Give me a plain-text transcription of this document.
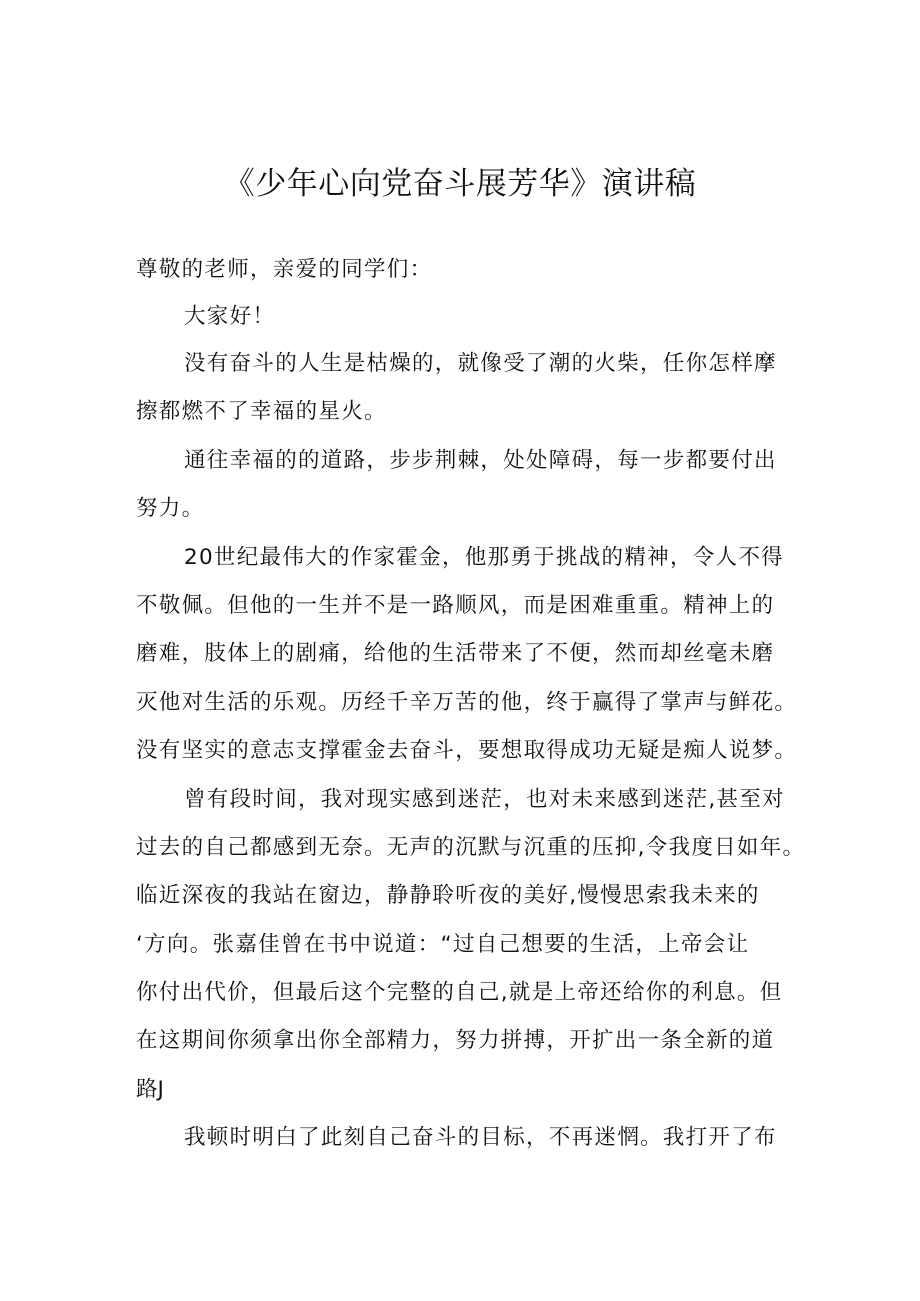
《少年心向党奋斗展芳华》演讲稿
尊敬的老师，亲爱的同学们：
大家好！
没有奋斗的人生是枯燥的，就像受了潮的火柴，任你怎样摩
擦都燃不了幸福的星火。
通往幸福的的道路，步步荆棘，处处障碍，每一步都要付出
努力。
20世纪最伟大的作家霍金，他那勇于挑战的精神，令人不得
不敬佩。但他的一生并不是一路顺风，而是困难重重。精神上的
磨难，肢体上的剧痛，给他的生活带来了不便，然而却丝毫未磨
灭他对生活的乐观。历经千辛万苦的他，终于赢得了掌声与鲜花。
没有坚实的意志支撑霍金去奋斗，要想取得成功无疑是痴人说梦。
曾有段时间，我对现实感到迷茫，也对未来感到迷茫,甚至对
过去的自己都感到无奈。无声的沉默与沉重的压抑,令我度日如年。
临近深夜的我站在窗边，静静聆听夜的美好,慢慢思索我未来的
‘方向。张嘉佳曾在书中说道：“过自己想要的生活，上帝会让
你付出代价，但最后这个完整的自己,就是上帝还给你的利息。但
在这期间你须拿出你全部精力，努力拼搏，开扩出一条全新的道
路J
我顿时明白了此刻自己奋斗的目标，不再迷惘。我打开了布
